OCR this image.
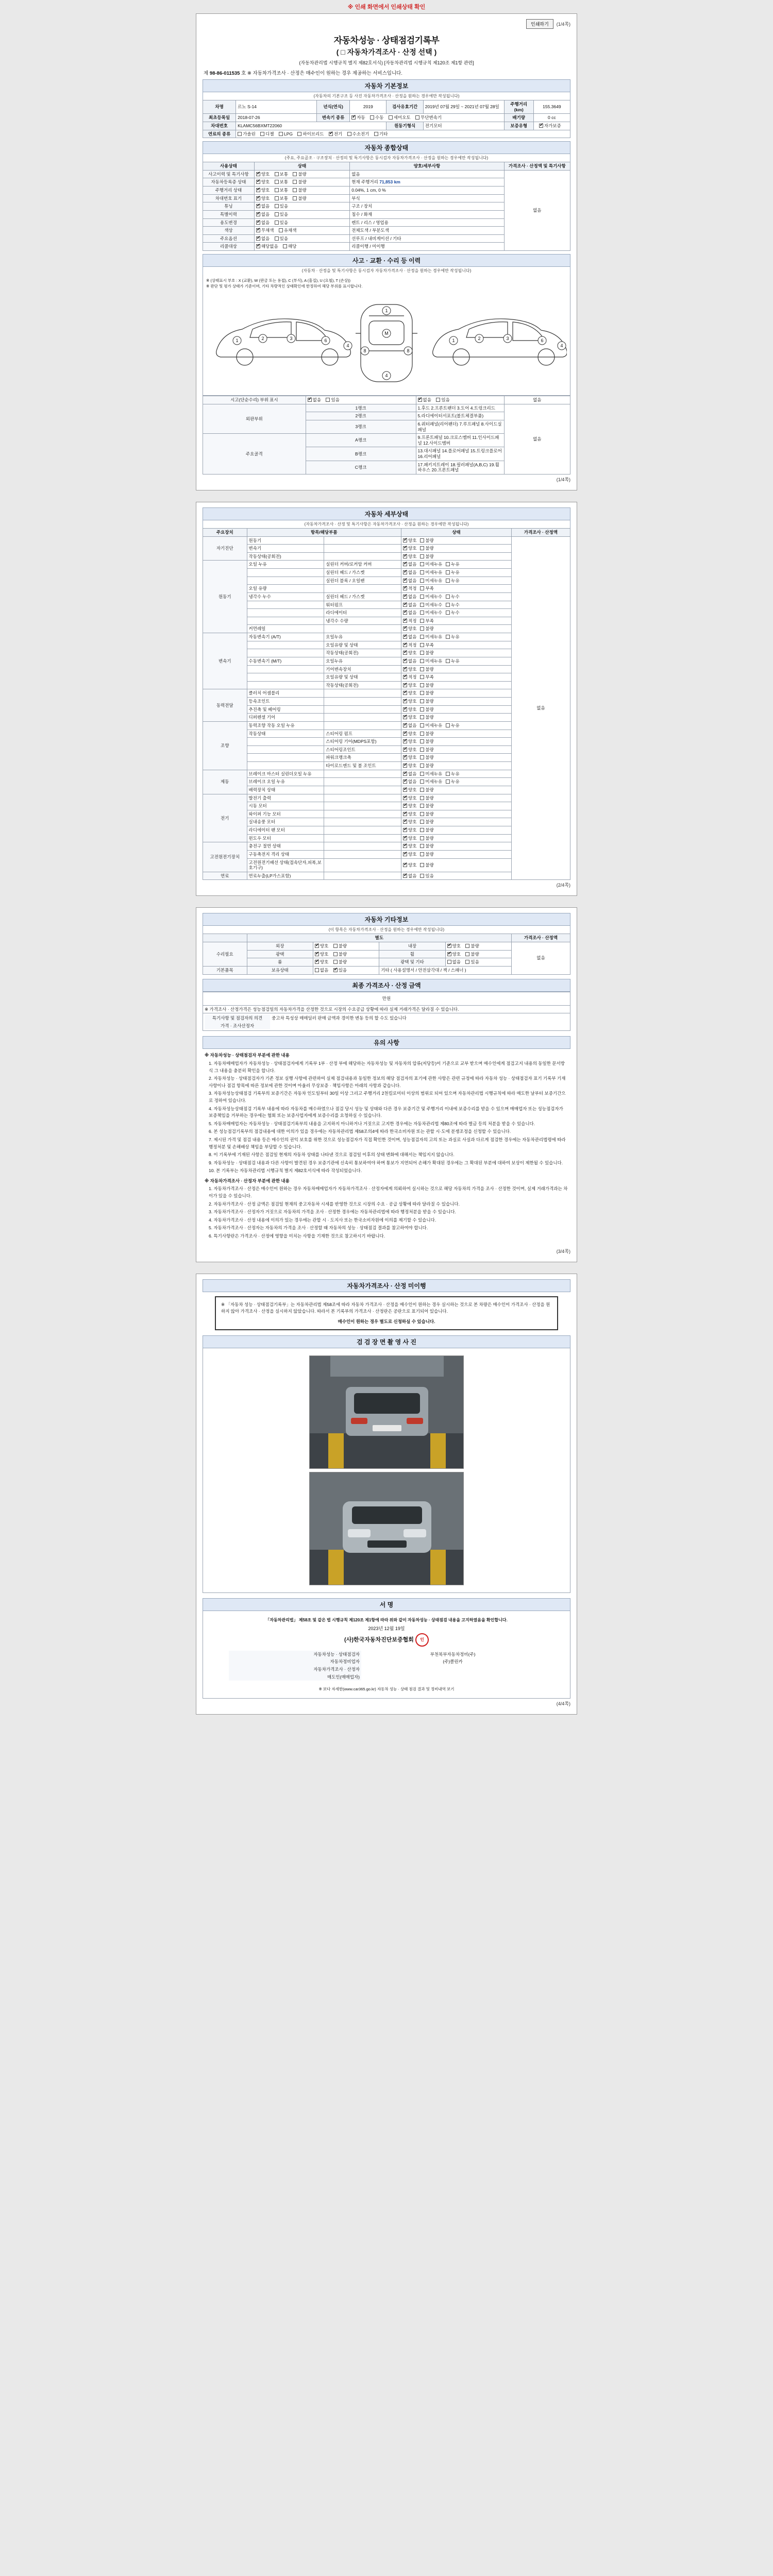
※ 인쇄 화면에서 인쇄상태 확인
인쇄하기	(1/4쪽)
자동차성능 · 상태점검기록부
( □ 자동차가격조사 · 산정 선택 )
(자동차관리법 시행규칙 별지 제82호서식) [자동차관리법 시행규칙 제120조 제1항 관련]
제 98-86-011535 호 ※ 자동차가격조사 · 산정은 매수인이 원하는 경우 제공하는 서비스입니다.
자동차 기본정보
(자동차의 기본구조 등 사진 자동차가격조사 · 산정을 원하는 경우에만 작성됩니다)
차명	르노 S-14	년식(연식)	2019	검사유효기간	2019년 07월 29일 ~ 2021년 07월 28일	주행거리(km)	155.3649
최초등록일	2018-07-26	변속기 종류	✔자동 수동 세미오토 무단변속기			배기량	0 cc
차대번호	KLAMC56BXMT22060			원동기형식	전기모터	보증유형	✔자가보증
연료의 종류	가솔린 디젤 LPG 하이브리드 ✔ 전기 수소전기 기타
자동차 종합상태
(주요, 주요골조 · 구조장치 · 산정의 및 특기사항은 동시검자 자동차가격조사 · 산정을 원하는 경우에만 작성됩니다)
사용상태	상태	양호/세부사항	가격조사 · 산정액 및 특기사항
사고이력 및 특기사항	✔양호 보통 불량	없음	없음
자동차등록증 상태	✔양호 보통 불량	현재 주행거리 71,853 km	
주행거리 상태	✔양호 보통 불량	0.04%, 1 cm, 0 %	
차대번호 표기	✔양호 보통 불량	부식	
튜닝	✔없음 있음	구조 / 장치	
특별이력	✔없음 있음	침수 / 화재	
용도변경	✔없음 있음	렌트 / 리스 / 영업용	
색상	✔무채색 유채색	전체도색 / 부분도색	
주요옵션	✔없음 있음	선루프 / 내비게이션 / 기타	
리콜대상	✔해당없음 해당	리콜이행 / 미이행	
사고 · 교환 · 수리 등 이력
(자동차 · 산정을 및 특기사항은 동시검자 자동차가격조사 · 산정을 원하는 경우에만 작성됩니다)
※ (상태표시 부호 : X (교환), W (판금 또는 용접), C (부식), A (흠집), U (요철), T (손상))
※ 판단 및 평가 상태가 기준이며, 기타 차량적인 상태확인에 한정하여 해당 부위를 표시합니다.
1	2	3	6
4
1
M
4
8	8
1	2	3	6
4
시고(단순수리) 부위 표시	✔없음 있음	✔없음 있음	없음
외판부위	1랭크	1.후드 2.프론트팬더 3.도어 4.트렁크리드	없음
	2랭크	5.라디에이터서포트(볼트체결부품)	
	3랭크	6.쿼터패널(리어팬더) 7.루프패널 8.사이드실패널	
주요골격	A랭크	9.프론트패널 10.크로스멤버 11.인사이드패널 12.사이드멤버	
	B랭크	13.대시패널 14.플로어패널 15.트렁크플로어 16.리어패널	
	C랭크	17.패키지트레이 18.필러패널(A,B,C) 19.휠하우스 20.프론트패널	
(1/4쪽)
자동차 세부상태
(자동차가격조사 · 산정 및 특기사항은 자동차가격조사 · 산정을 원하는 경우에만 작성됩니다)
주요장치	항목/해당부품		상태	가격조사 · 산정액
자기진단	원동기		✔양호 불량	없음
	변속기		✔양호 불량
	작동상태(공회전)		✔양호 불량
원동기	오일 누유	실린더 커버/로커암 커버	✔없음 미세누유 누유
		실린더 헤드 / 가스켓	✔없음 미세누유 누유
		실린더 블록 / 오일팬	✔없음 미세누유 누유
	오일 유량		✔적정 부족
	냉각수 누수	실린더 헤드 / 가스켓	✔없음 미세누수 누수
		워터펌프	✔없음 미세누수 누수
		라디에이터	✔없음 미세누수 누수
		냉각수 수량	✔적정 부족
	커먼레일		✔양호 불량
변속기	자동변속기 (A/T)	오일누유	✔없음 미세누유 누유
		오일유량 및 상태	✔적정 부족
		작동상태(공회전)	✔양호 불량
	수동변속기 (M/T)	오일누유	✔없음 미세누유 누유
		기어변속장치	✔양호 불량
		오일유량 및 상태	✔적정 부족
		작동상태(공회전)	✔양호 불량
동력전달	클러치 어셈블리		✔양호 불량
	등속조인트		✔양호 불량
	추진축 및 베어링		✔양호 불량
	디퍼렌셜 기어		✔양호 불량
조향	동력조향 작동 오일 누유		✔없음 미세누유 누유
	작동상태	스티어링 펌프	✔양호 불량
		스티어링 기어(MDPS포함)	✔양호 불량
		스티어링조인트	✔양호 불량
		파워크랭크축	✔양호 불량
		타이로드엔드 및 볼 조인트	✔양호 불량
제동	브레이크 마스터 실린더오일 누유		✔없음 미세누유 누유
	브레이크 오일 누유		✔없음 미세누유 누유
	배력장치 상태		✔양호 불량
전기	발전기 출력		✔양호 불량
	시동 모터		✔양호 불량
	와이퍼 기능 모터		✔양호 불량
	실내송풍 모터		✔양호 불량
	라디에이터 팬 모터		✔양호 불량
	윈도우 모터		✔양호 불량
고전원전기장치	충전구 절연 상태		✔양호 불량
	구동축전지 격리 상태		✔양호 불량
	고전원전기배선 상태(접속단자,피복,보호기구)		✔양호 불량
연료	연료누출(LP가스포함)		✔없음 있음
(2/4쪽)
자동차 기타정보
(이 항목은 자동차가격조사 · 산정을 원하는 경우에만 작성됩니다)
	별도				가격조사 · 산정액
수리필요	외장	✔양호 불량	내장	✔양호 불량	없음
	광택	✔양호 불량	휠	✔양호 불량
	룸	✔양호 불량	광택 및 기타	없음 있음	
기본품목	보유상태	없음 ✔ 있음	기타 ( 사용설명서 / 안전삼각대 / 잭 / 스패너 )		
최종 가격조사 · 산정 금액
만원
※ 가격조사 · 산정가격은 성능점검일의 자동차가격을 산정한 것으로 시장의 수요공급 상황에 따라 실제 거래가격은 달라질 수 있습니다.

특기사항 및 점검자의 의견	중고차 특성상 매매딜러 판매 금액과 경미한 변동 등의 할 수도 있습니다
가격 · 조사산정자	
유의 사항
※ 자동차성능 · 상태점검자 부분에 관한 내용
1. 자동차매매업자가 자동차성능 · 상태점검자에게 기록부 1부 · 산정 부에 해당하는 자동차성능 및 자동차의 압류(저당등)이 기준으로 교부 받으며 매수인에게 점검고지 내용의 동일한 문서방식 그 내용을 충분히 확인을 합니다.
2. 자동차성능 · 상태점검자가 기존 정보 실행 사항에 관련하여 실제 점검내용과 동일한 정보의 해당 점검자의 표기에 관한 사항은 관련 규정에 따라 자동차 성능 · 상태점검자 표기 기록부 기재 사항이나 점검 항목에 따른 정보에 관한 것이며 아울러 무상보증 · 책임사항은 아래의 사항과 같습니다.
3. 자동차성능상태점검 기록부의 보증기간은 자동차 인도일부터 30일 이상 그리고 주행거리 2천킬로미터 이상의 범위로 되어 있으며 자동차관리법 시행규칙에 따라 매도한 날부터 보증기간으로 정하여 있습니다.
4. 자동차성능상태점검 기록부 내용에 따라 자동차를 매수하였으나 점검 당시 성능 및 상태와 다른 경우 보증기간 및 주행거리 이내에 보증수리를 받을 수 있으며 매매업자 또는 성능점검자가 보증책임을 거부하는 경우에는 협회 또는 보증사업자에게 보증수리를 요청하실 수 있습니다.
5. 자동차매매업자는 자동차성능 · 상태점검기록부의 내용을 고지하지 아니하거나 거짓으로 고지한 경우에는 자동차관리법 제80조에 따라 벌금 등의 처분을 받을 수 있습니다.
6. 본 성능점검기록부의 점검내용에 대한 이의가 있을 경우에는 자동차관리법 제58조의4에 따라 한국소비자원 또는 관할 시·도에 분쟁조정을 신청할 수 있습니다.
7. 제시된 가격 및 점검 내용 등은 매수인의 권익 보호를 위한 것으로 성능점검자가 직접 확인한 것이며, 성능점검자의 고의 또는 과실로 사실과 다르게 점검한 경우에는 자동차관리법령에 따라 행정처분 및 손해배상 책임을 부담할 수 있습니다.
8. 이 기록부에 기재된 사항은 점검일 현재의 자동차 상태를 나타낸 것으로 점검일 이후의 상태 변화에 대해서는 책임지지 않습니다.
9. 자동차성능 · 상태점검 내용과 다른 사항이 발견된 경우 보증기관에 신속히 통보하여야 하며 통보가 지연되어 손해가 확대된 경우에는 그 확대된 부분에 대하여 보상이 제한될 수 있습니다.
10. 본 기록부는 자동차관리법 시행규칙 별지 제82호서식에 따라 작성되었습니다.
※ 자동차가격조사 · 산정자 부분에 관한 내용
1. 자동차가격조사 · 산정은 매수인이 원하는 경우 자동차매매업자가 자동차가격조사 · 산정자에게 의뢰하여 실시하는 것으로 해당 자동차의 가격을 조사 · 산정한 것이며, 실제 거래가격과는 차이가 있을 수 있습니다.
2. 자동차가격조사 · 산정 금액은 점검일 현재의 중고자동차 시세를 반영한 것으로 시장의 수요 · 공급 상황에 따라 달라질 수 있습니다.
3. 자동차가격조사 · 산정자가 거짓으로 자동차의 가격을 조사 · 산정한 경우에는 자동차관리법에 따라 행정처분을 받을 수 있습니다.
4. 자동차가격조사 · 산정 내용에 이의가 있는 경우에는 관할 시 · 도지사 또는 한국소비자원에 이의를 제기할 수 있습니다.
5. 자동차가격조사 · 산정자는 자동차의 가격을 조사 · 산정할 때 자동차의 성능 · 상태점검 결과를 참고하여야 합니다.
6. 특기사항란은 가격조사 · 산정에 영향을 미치는 사항을 기재한 것으로 참고하시기 바랍니다.
(3/4쪽)
자동차가격조사 · 산정 미이행
※ 「자동차 성능 · 상태점검기록부」는 자동차관리법 제58조에 따라 자동차 가격조사 · 산정을 매수인이 원하는 경우 실시하는 것으로 본 차량은 매수인이 가격조사 · 산정을 원하지 않아 가격조사 · 산정을 실시하지 않았습니다. 따라서 본 기록부의 가격조사 · 산정란은 공란으로 표기되어 있습니다.
매수인이 원하는 경우 별도로 신청하실 수 있습니다.
검 검 장 면 촬 영 사 진
서 명
「자동차관리법」 제58조 및 같은 법 시행규칙 제120조 제1항에 따라 위와 같이 자동차성능 · 상태점검 내용을 고지하였음을 확인합니다.
2023년 12월 19일
(사)한국자동차진단보증협회 인
자동차성능 · 상태점검자	부천북부자동차정비(주)
자동차정비업자	(주)클린카
자동차가격조사 · 산정자	
매도인(매매업자)	
※ 보다 자세한(www.car365.go.kr) 자동차 성능 · 상태 점검 결과 및 정비내역 보기
(4/4쪽)
